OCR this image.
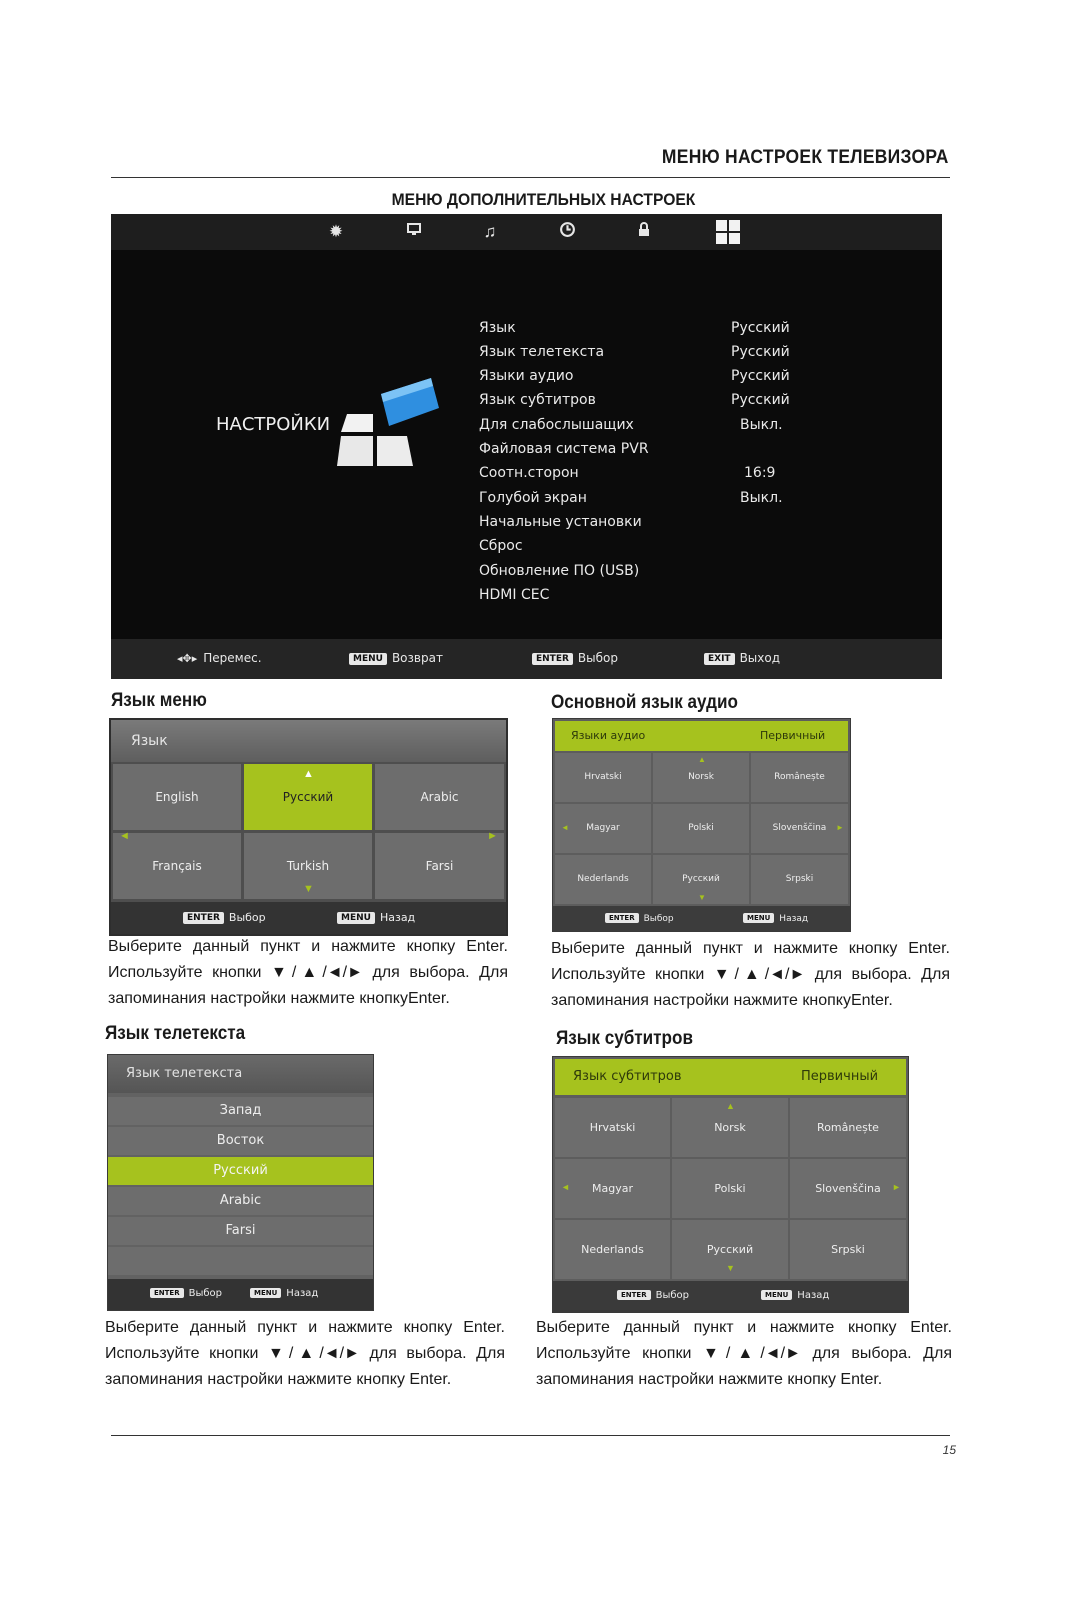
МЕНЮ НАСТРОЕК ТЕЛЕВИЗОРА
МЕНЮ ДОПОЛНИТЕЛЬНЫХ НАСТРОЕК
✹	♫
НАСТРОЙКИ
Язык	Русский
Язык телетекста	Русский
Языки аудио	Русский
Язык субтитров	Русский
Для слабослышащих	Выкл.
Файловая система PVR
Соотн.сторон	16:9
Голубой экран	Выкл.
Начальные установки
Сброс
Обновление ПО (USB)
HDMI CEC
◂✥▸ Перемес.	MENU Возврат	ENTER Выбор	EXIT Выход
Язык меню
Язык
English	Русский	Arabic
Français	Turkish	Farsi
▲
▼
◄	►
ENTER Выбор	MENU Назад
Выберите данный пункт и нажмите кнопку Enter. Используйте кнопки ▼/▲/◄/► для выбора. Для запоминания настройки нажмите кнопкуEnter.
Основной язык аудио
Языки аудио	Первичный
Hrvatski	Norsk	Românește
Magyar	Polski	Slovenščina
Nederlands	Русский	Srpski
▲
▼
◄	►
ENTER Выбор	MENU Назад
Выберите данный пункт и нажмите кнопку Enter. Используйте кнопки ▼/▲/◄/► для выбора. Для запоминания настройки нажмите кнопкуEnter.
Язык телетекста
Язык телетекста
Запад
Восток
Русский
Arabic
Farsi
ENTER Выбор	MENU Назад
Выберите данный пункт и нажмите кнопку Enter. Используйте кнопки ▼/▲/◄/► для выбора. Для запоминания настройки нажмите кнопку Enter.
Язык субтитров
Язык субтитров	Первичный
Hrvatski	Norsk	Românește
Magyar	Polski	Slovenščina
Nederlands	Русский	Srpski
▲
▼
◄	►
ENTER Выбор	MENU Назад
Выберите данный пункт и нажмите кнопку Enter. Используйте кнопки ▼/▲/◄/► для выбора. Для запоминания настройки нажмите кнопку Enter.
15
